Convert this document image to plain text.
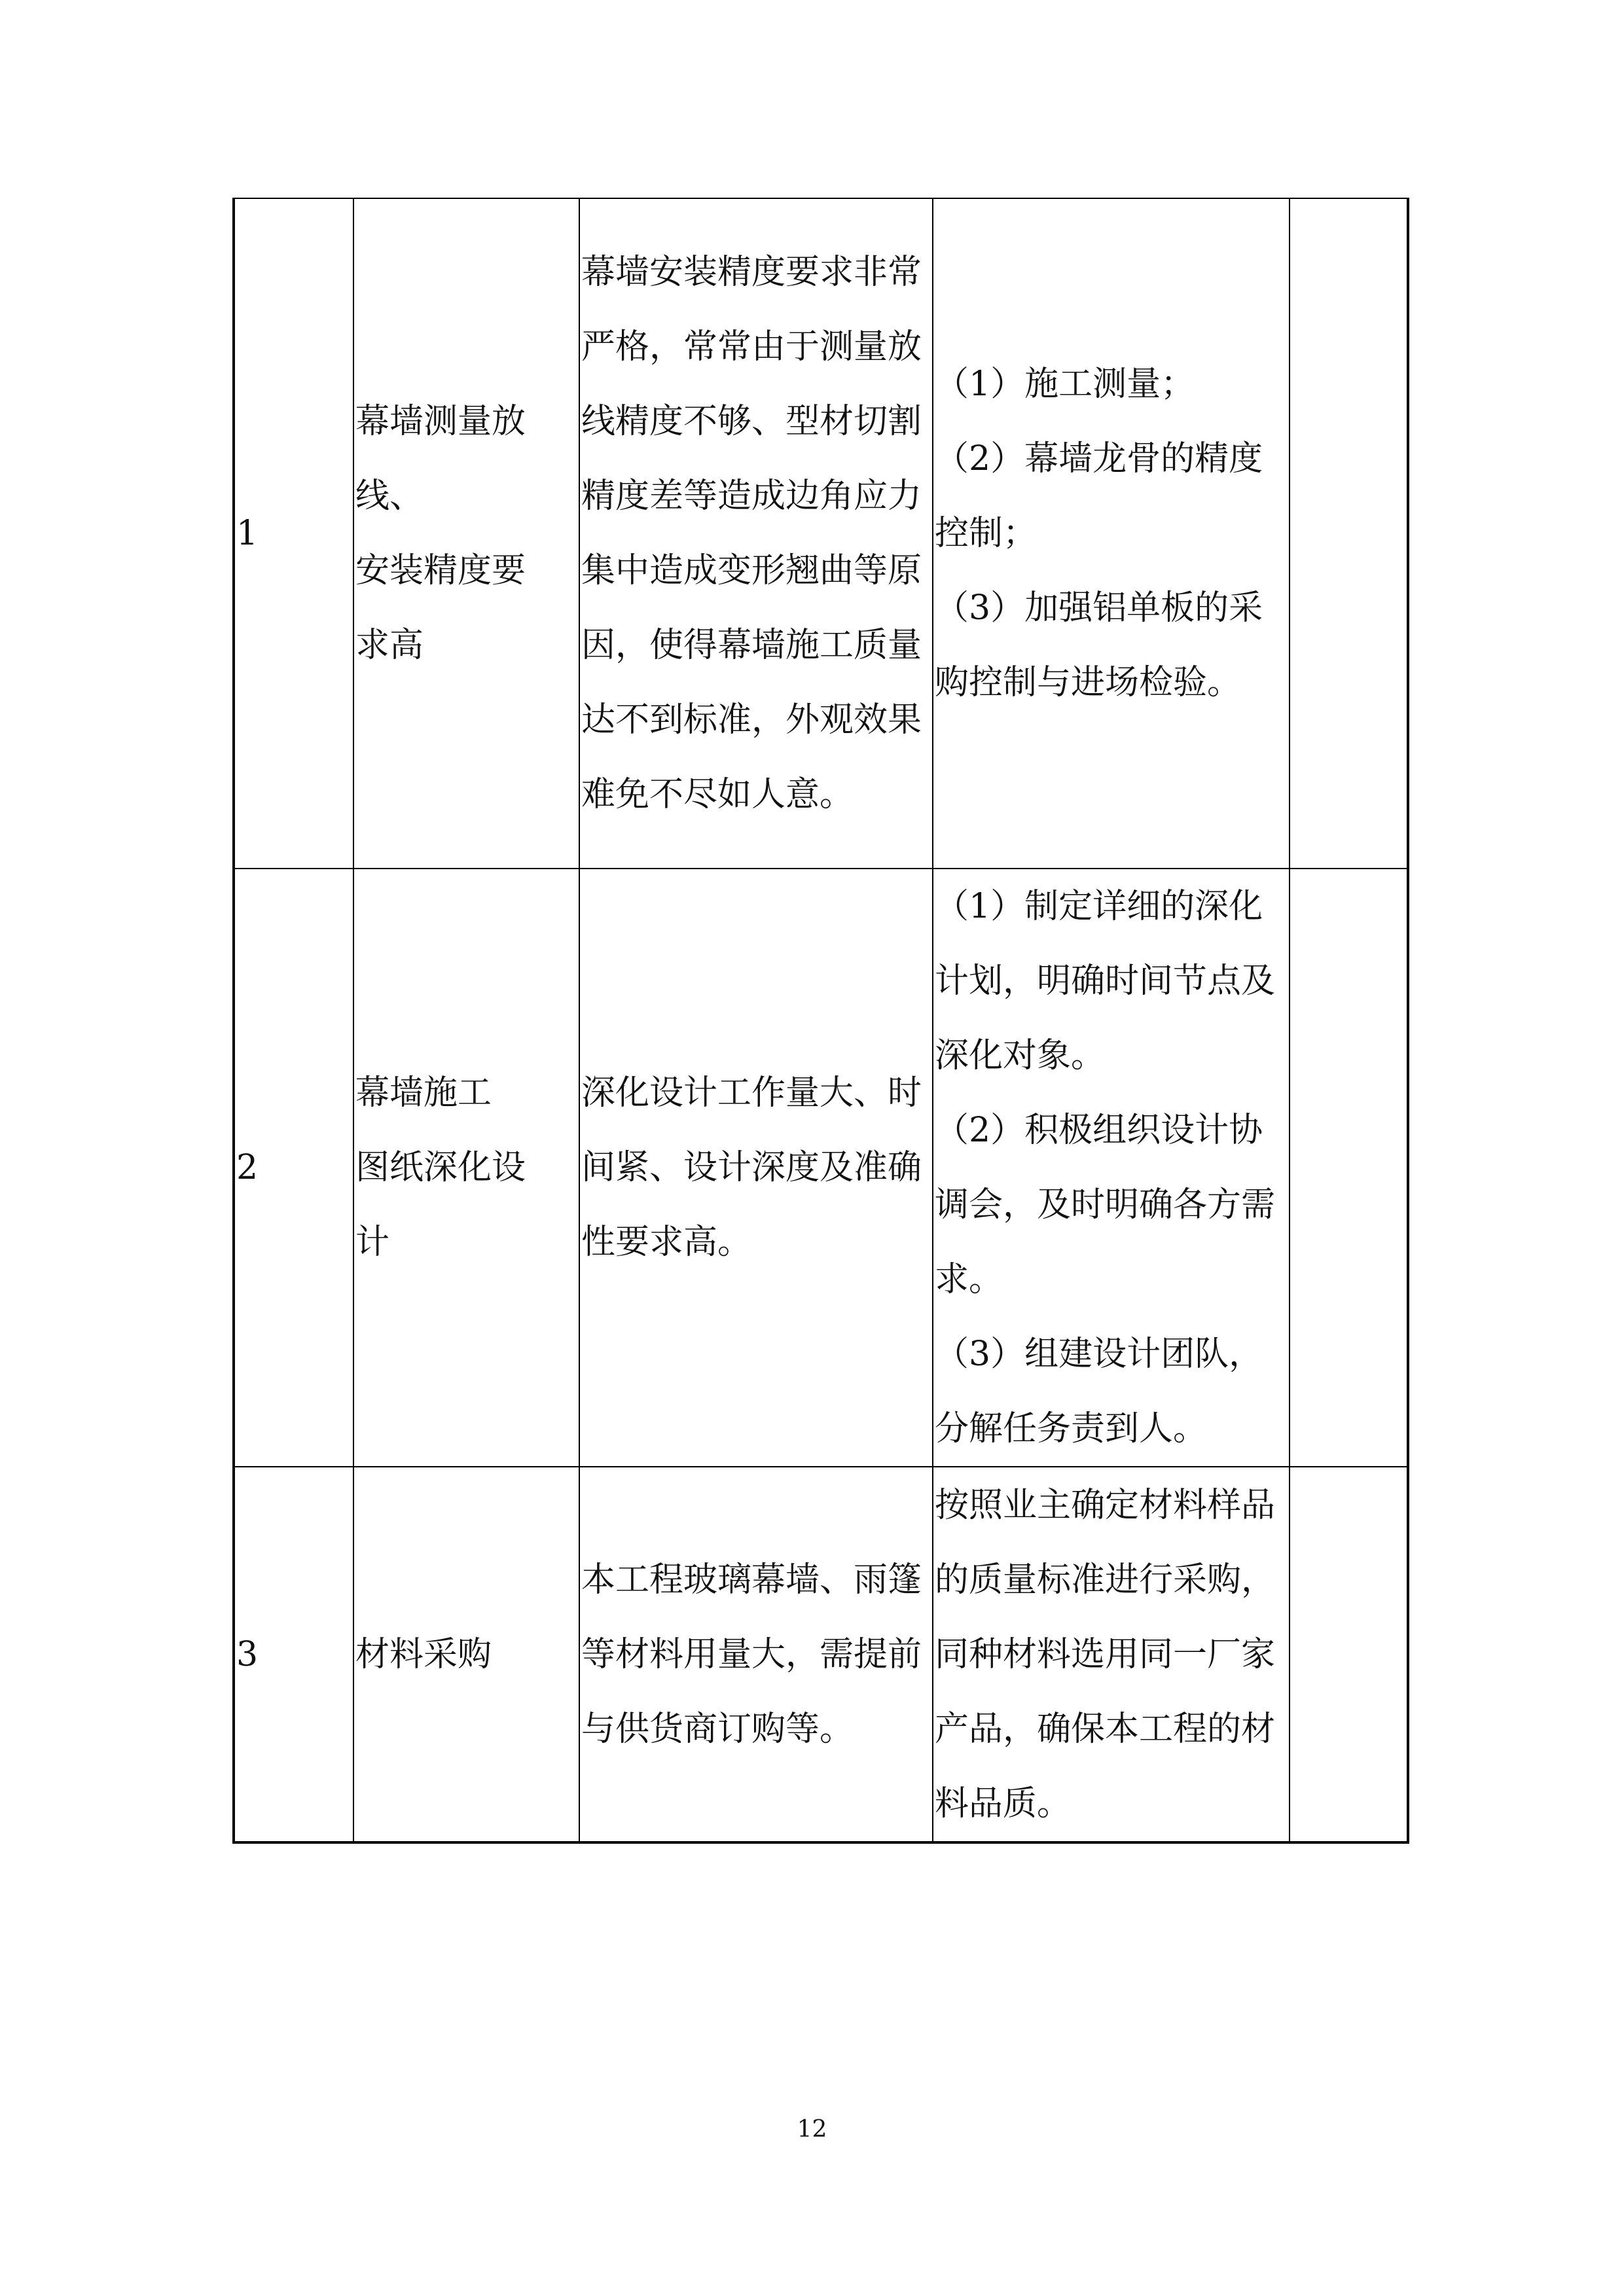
1	幕墙测量放
线、
安装精度要
求高	幕墙安装精度要求非常严格，常常由于测量放线精度不够、型材切割精度差等造成边角应力集中造成变形翘曲等原因，使得幕墙施工质量达不到标准，外观效果难免不尽如人意。	（1）施工测量；
（2）幕墙龙骨的精度控制；
（3）加强铝单板的采购控制与进场检验。	

2	幕墙施工
图纸深化设
计	深化设计工作量大、时间紧、设计深度及准确性要求高。	（1）制定详细的深化计划，明确时间节点及深化对象。
（2）积极组织设计协调会，及时明确各方需求。
（3）组建设计团队，分解任务责到人。	

3	材料采购	本工程玻璃幕墙、雨篷等材料用量大，需提前与供货商订购等。	按照业主确定材料样品的质量标准进行采购，同种材料选用同一厂家产品，确保本工程的材料品质。	

12
